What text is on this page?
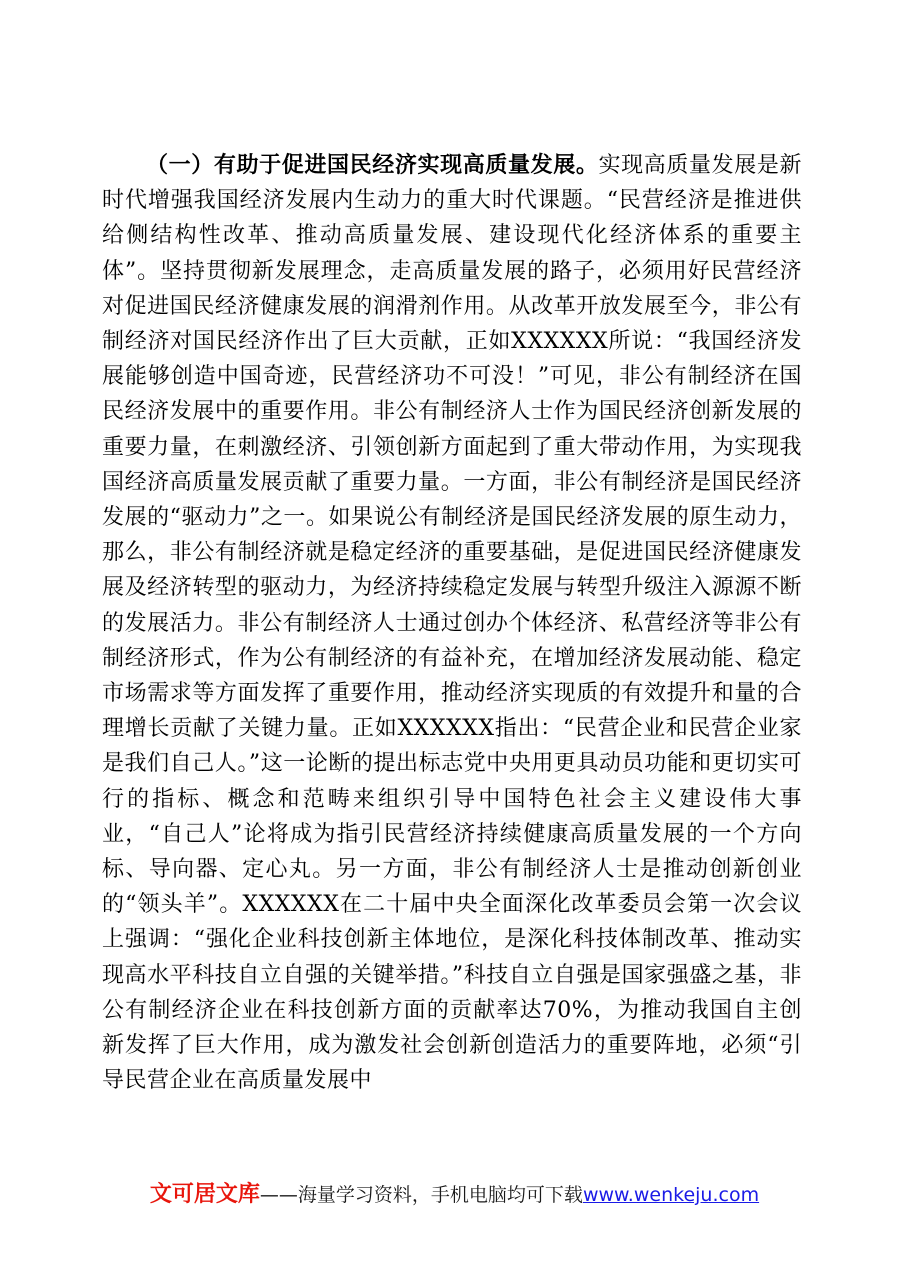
（一）有助于促进国民经济实现高质量发展。实现高质量发展是新时代增强我国经济发展内生动力的重大时代课题。“民营经济是推进供给侧结构性改革、推动高质量发展、建设现代化经济体系的重要主体”。坚持贯彻新发展理念，走高质量发展的路子，必须用好民营经济对促进国民经济健康发展的润滑剂作用。从改革开放发展至今，非公有制经济对国民经济作出了巨大贡献，正如XXXXXX所说：“我国经济发展能够创造中国奇迹，民营经济功不可没！”可见，非公有制经济在国民经济发展中的重要作用。非公有制经济人士作为国民经济创新发展的重要力量，在刺激经济、引领创新方面起到了重大带动作用，为实现我国经济高质量发展贡献了重要力量。一方面，非公有制经济是国民经济发展的“驱动力”之一。如果说公有制经济是国民经济发展的原生动力，那么，非公有制经济就是稳定经济的重要基础，是促进国民经济健康发展及经济转型的驱动力，为经济持续稳定发展与转型升级注入源源不断的发展活力。非公有制经济人士通过创办个体经济、私营经济等非公有制经济形式，作为公有制经济的有益补充，在增加经济发展动能、稳定市场需求等方面发挥了重要作用，推动经济实现质的有效提升和量的合理增长贡献了关键力量。正如XXXXXX指出：“民营企业和民营企业家是我们自己人。”这一论断的提出标志党中央用更具动员功能和更切实可行的指标、概念和范畴来组织引导中国特色社会主义建设伟大事业，“自己人”论将成为指引民营经济持续健康高质量发展的一个方向标、导向器、定心丸。另一方面，非公有制经济人士是推动创新创业的“领头羊”。XXXXXX在二十届中央全面深化改革委员会第一次会议上强调：“强化企业科技创新主体地位，是深化科技体制改革、推动实现高水平科技自立自强的关键举措。”科技自立自强是国家强盛之基，非公有制经济企业在科技创新方面的贡献率达70%，为推动我国自主创新发挥了巨大作用，成为激发社会创新创造活力的重要阵地，必须“引导民营企业在高质量发展中

文可居文库——海量学习资料，手机电脑均可下载www.wenkeju.com
